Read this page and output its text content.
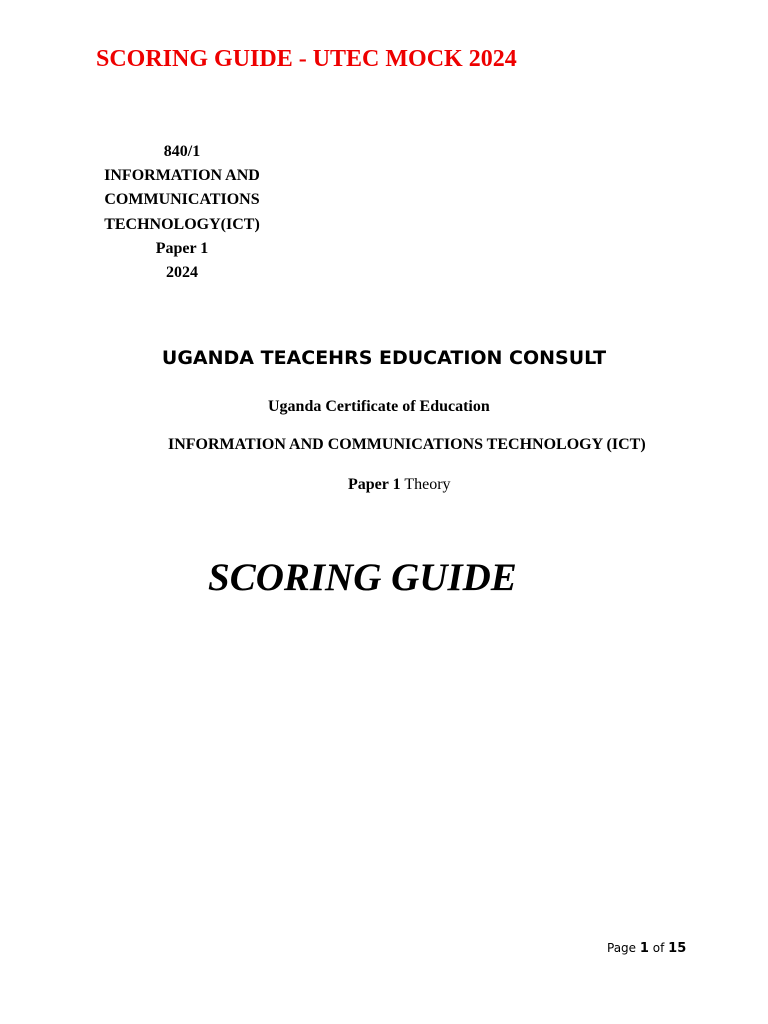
SCORING GUIDE - UTEC MOCK 2024
840/1
INFORMATION AND
COMMUNICATIONS
TECHNOLOGY(ICT)
Paper 1
2024
UGANDA TEACEHRS EDUCATION CONSULT
Uganda Certificate of Education
INFORMATION AND COMMUNICATIONS TECHNOLOGY (ICT)
Paper 1 Theory
SCORING GUIDE
Page 1 of 15
